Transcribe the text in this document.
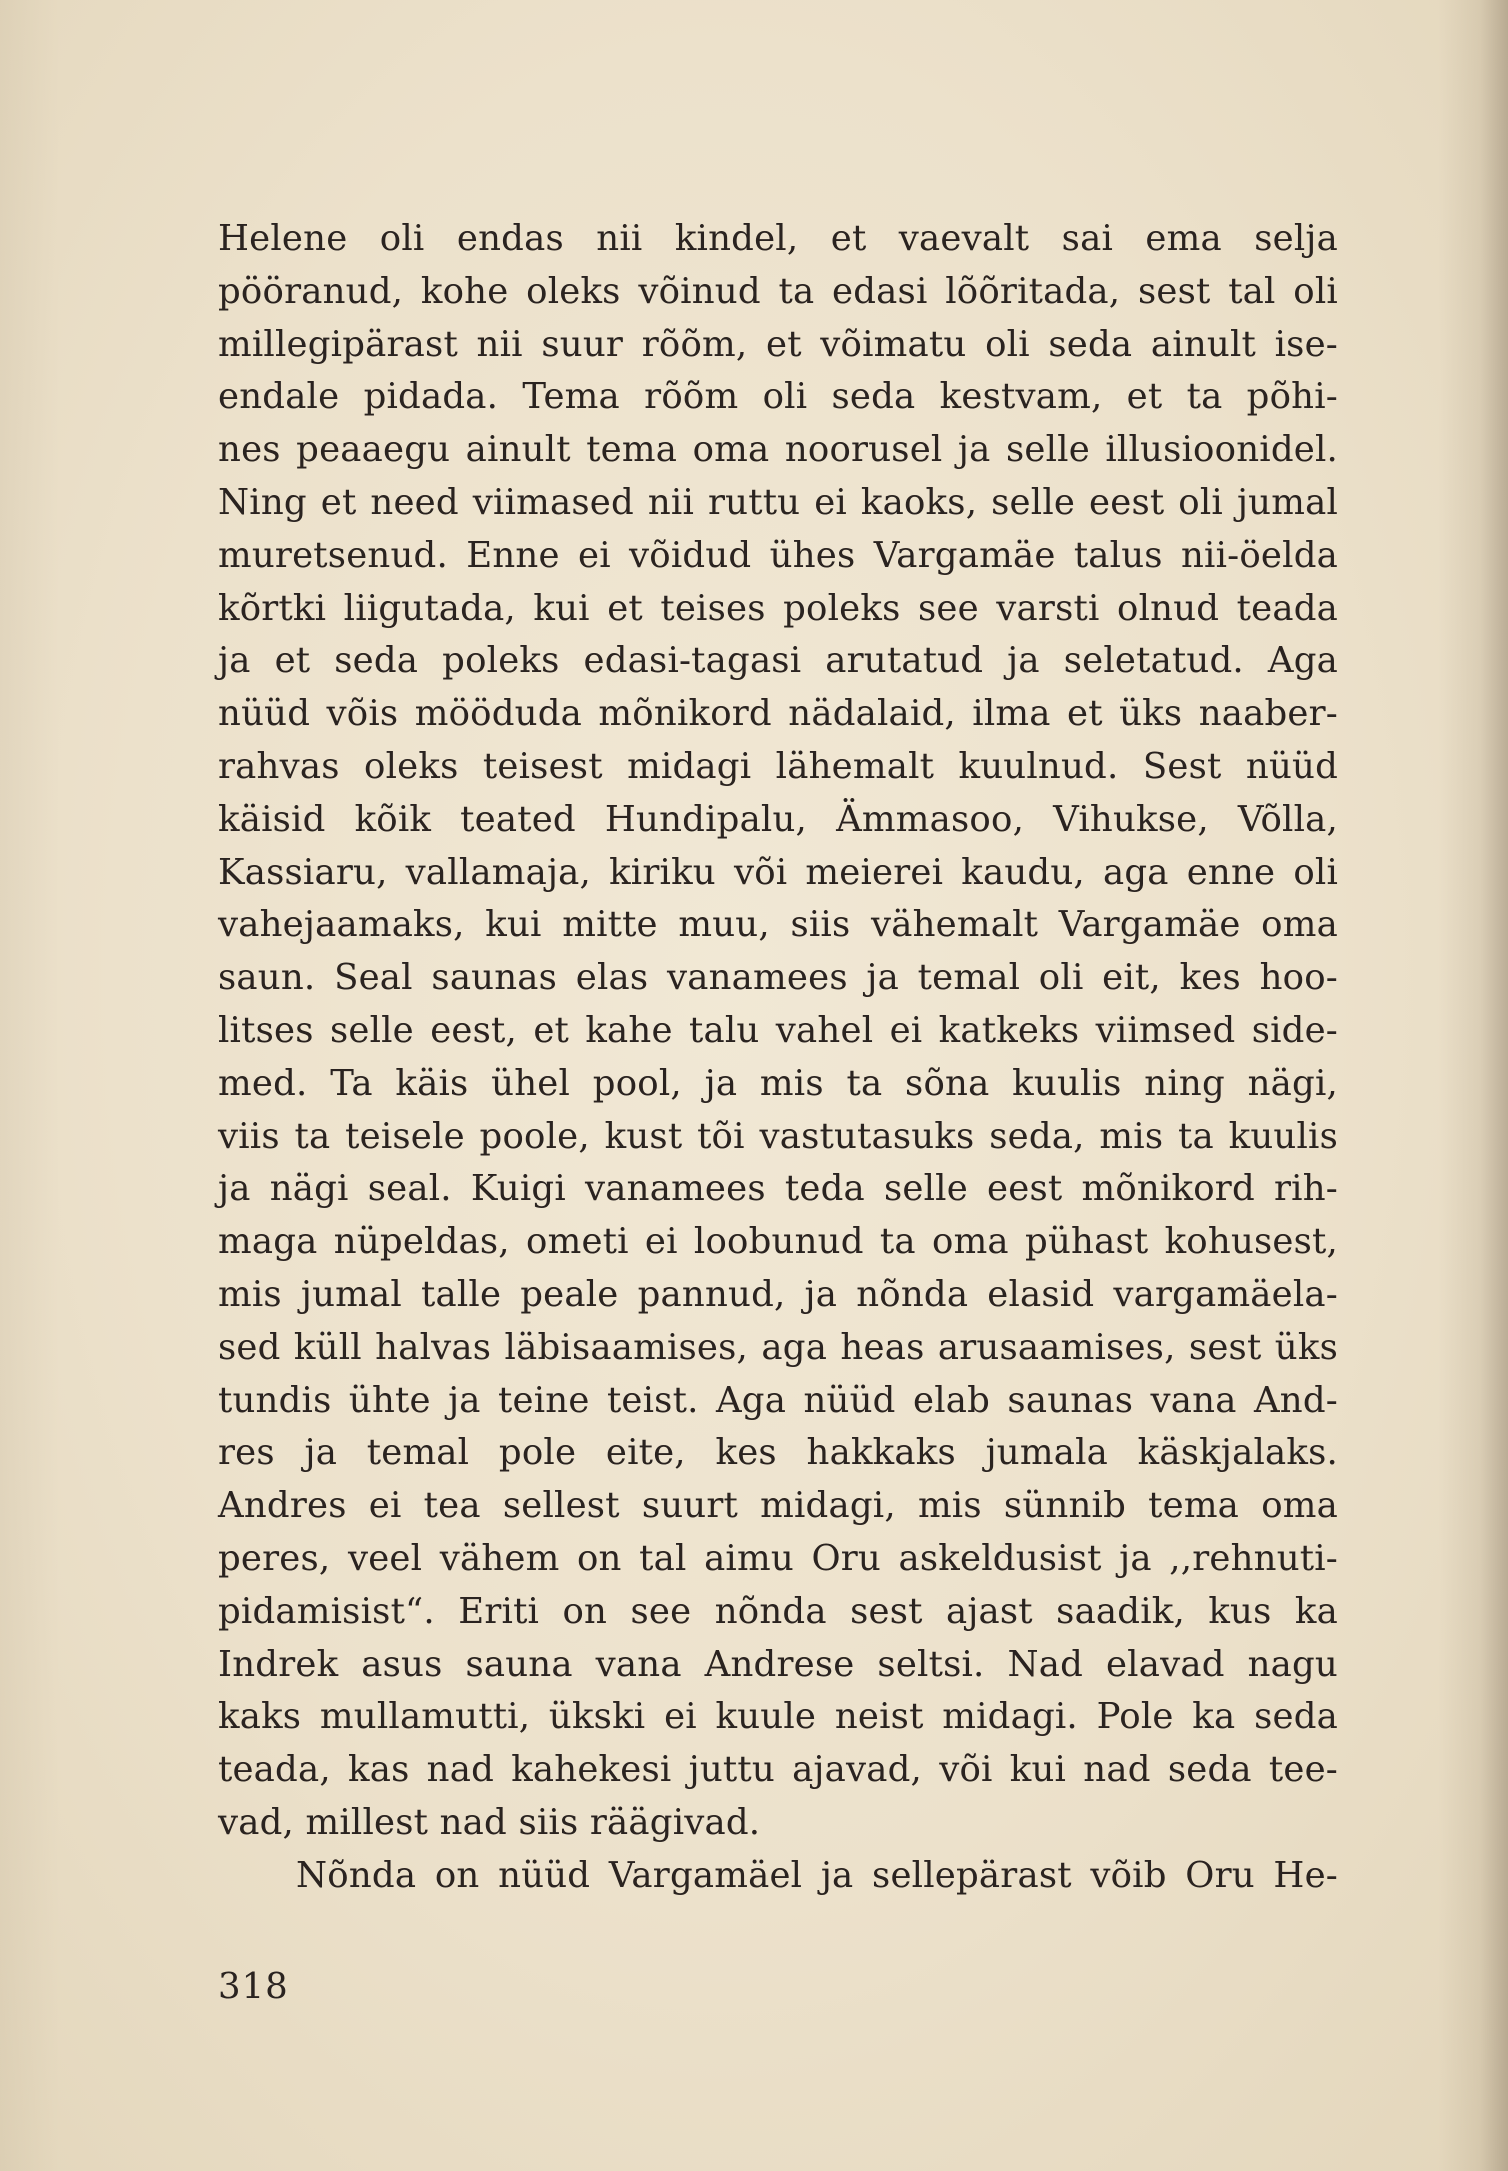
Helene oli endas nii kindel, et vaevalt sai ema selja
pööranud, kohe oleks võinud ta edasi lõõritada, sest tal oli
millegipärast nii suur rõõm, et võimatu oli seda ainult ise-
endale pidada. Tema rõõm oli seda kestvam, et ta põhi-
nes peaaegu ainult tema oma noorusel ja selle illusioonidel.
Ning et need viimased nii ruttu ei kaoks, selle eest oli jumal
muretsenud. Enne ei võidud ühes Vargamäe talus nii-öelda
kõrtki liigutada, kui et teises poleks see varsti olnud teada
ja et seda poleks edasi-tagasi arutatud ja seletatud. Aga
nüüd võis mööduda mõnikord nädalaid, ilma et üks naaber-
rahvas oleks teisest midagi lähemalt kuulnud. Sest nüüd
käisid kõik teated Hundipalu, Ämmasoo, Vihukse, Võlla,
Kassiaru, vallamaja, kiriku või meierei kaudu, aga enne oli
vahejaamaks, kui mitte muu, siis vähemalt Vargamäe oma
saun. Seal saunas elas vanamees ja temal oli eit, kes hoo-
litses selle eest, et kahe talu vahel ei katkeks viimsed side-
med. Ta käis ühel pool, ja mis ta sõna kuulis ning nägi,
viis ta teisele poole, kust tõi vastutasuks seda, mis ta kuulis
ja nägi seal. Kuigi vanamees teda selle eest mõnikord rih-
maga nüpeldas, ometi ei loobunud ta oma pühast kohusest,
mis jumal talle peale pannud, ja nõnda elasid vargamäela-
sed küll halvas läbisaamises, aga heas arusaamises, sest üks
tundis ühte ja teine teist. Aga nüüd elab saunas vana And-
res ja temal pole eite, kes hakkaks jumala käskjalaks.
Andres ei tea sellest suurt midagi, mis sünnib tema oma
peres, veel vähem on tal aimu Oru askeldusist ja ,,rehnuti-
pidamisist“. Eriti on see nõnda sest ajast saadik, kus ka
Indrek asus sauna vana Andrese seltsi. Nad elavad nagu
kaks mullamutti, ükski ei kuule neist midagi. Pole ka seda
teada, kas nad kahekesi juttu ajavad, või kui nad seda tee-
vad, millest nad siis räägivad.
Nõnda on nüüd Vargamäel ja sellepärast võib Oru He-
318
